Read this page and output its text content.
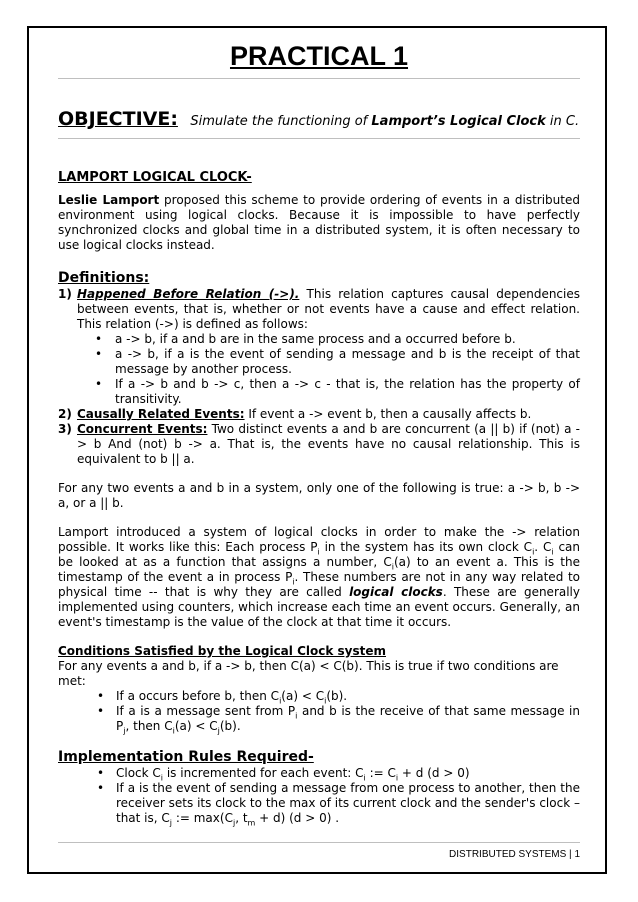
PRACTICAL 1
OBJECTIVE: Simulate the functioning of Lamport’s Logical Clock in C.
LAMPORT LOGICAL CLOCK-

Leslie Lamport proposed this scheme to provide ordering of events in a distributed environment using logical clocks. Because it is impossible to have perfectly synchronized clocks and global time in a distributed system, it is often necessary to use logical clocks instead.

Definitions:
1) Happened Before Relation (->). This relation captures causal dependencies between events, that is, whether or not events have a cause and effect relation. This relation (->) is defined as follows:
• a -> b, if a and b are in the same process and a occurred before b.
• a -> b, if a is the event of sending a message and b is the receipt of that message by another process.
• If a -> b and b -> c, then a -> c - that is, the relation has the property of transitivity.
2) Causally Related Events: If event a -> event b, then a causally affects b.
3) Concurrent Events: Two distinct events a and b are concurrent (a || b) if (not) a -> b And (not) b -> a. That is, the events have no causal relationship. This is equivalent to b || a.

For any two events a and b in a system, only one of the following is true: a -> b, b -> a, or a || b.

Lamport introduced a system of logical clocks in order to make the -> relation possible. It works like this: Each process $P_i$ in the system has its own clock $C_i$. $C_i$ can be looked at as a function that assigns a number, $C_i(a)$ to an event a. This is the timestamp of the event a in process $P_i$. These numbers are not in any way related to physical time -- that is why they are called logical clocks. These are generally implemented using counters, which increase each time an event occurs. Generally, an event's timestamp is the value of the clock at that time it occurs.

Conditions Satisfied by the Logical Clock system
For any events a and b, if a -> b, then C(a) < C(b). This is true if two conditions are met:
• If a occurs before b, then $C_i(a) < C_i(b)$.
• If a is a message sent from $P_i$ and b is the receive of that same message in $P_j$, then $C_i(a) < C_j(b)$.
Implementation Rules Required-
• Clock $C_i$ is incremented for each event: $C_i$ := $C_i + d$ (d > 0)
• If a is the event of sending a message from one process to another, then the receiver sets its clock to the max of its current clock and the sender's clock – that is, $C_j$ := $\max(C_j$, $t_m + d$) (d > 0) .
DISTRIBUTED SYSTEMS | 1
